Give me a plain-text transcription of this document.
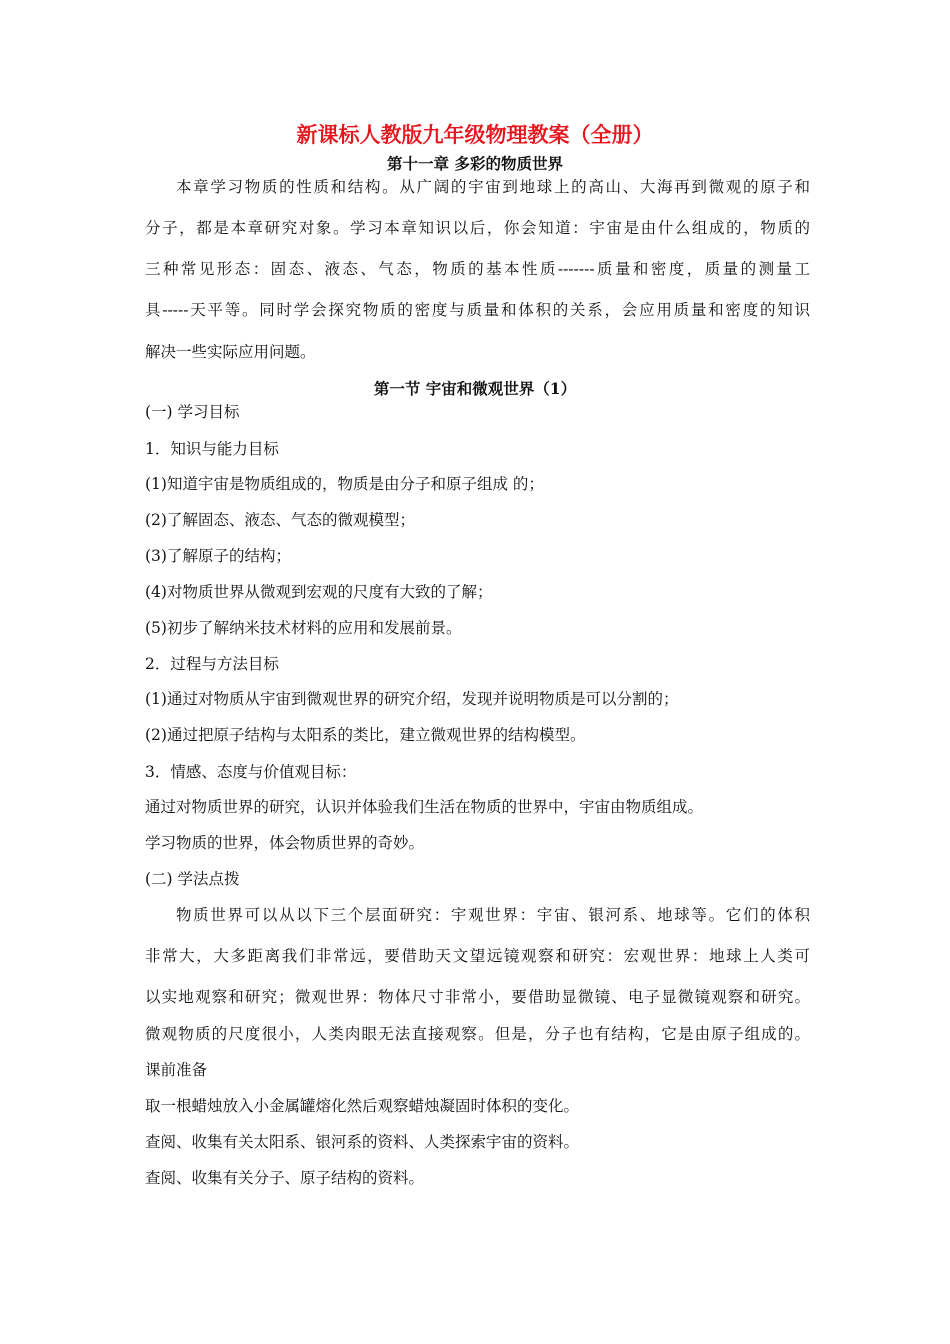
新课标人教版九年级物理教案（全册）
第十一章 多彩的物质世界
本章学习物质的性质和结构。从广阔的宇宙到地球上的高山、大海再到微观的原子和
分子，都是本章研究对象。学习本章知识以后，你会知道：宇宙是由什么组成的，物质的
三种常见形态：固态、液态、气态，物质的基本性质-------质量和密度，质量的测量工
具-----天平等。同时学会探究物质的密度与质量和体积的关系，会应用质量和密度的知识
解决一些实际应用问题。
第一节 宇宙和微观世界（1）
(一) 学习目标
1．知识与能力目标
(1)知道宇宙是物质组成的，物质是由分子和原子组成 的；
(2)了解固态、液态、气态的微观模型；
(3)了解原子的结构；
(4)对物质世界从微观到宏观的尺度有大致的了解；
(5)初步了解纳米技术材料的应用和发展前景。
2．过程与方法目标
(1)通过对物质从宇宙到微观世界的研究介绍，发现并说明物质是可以分割的；
(2)通过把原子结构与太阳系的类比，建立微观世界的结构模型。
3．情感、态度与价值观目标：
通过对物质世界的研究，认识并体验我们生活在物质的世界中，宇宙由物质组成。
学习物质的世界，体会物质世界的奇妙。
(二) 学法点拨
物质世界可以从以下三个层面研究：宇观世界：宇宙、银河系、地球等。它们的体积
非常大，大多距离我们非常远，要借助天文望远镜观察和研究：宏观世界：地球上人类可
以实地观察和研究；微观世界：物体尺寸非常小，要借助显微镜、电子显微镜观察和研究。
微观物质的尺度很小，人类肉眼无法直接观察。但是，分子也有结构，它是由原子组成的。
课前准备
取一根蜡烛放入小金属罐熔化然后观察蜡烛凝固时体积的变化。
查阅、收集有关太阳系、银河系的资料、人类探索宇宙的资料。
查阅、收集有关分子、原子结构的资料。
